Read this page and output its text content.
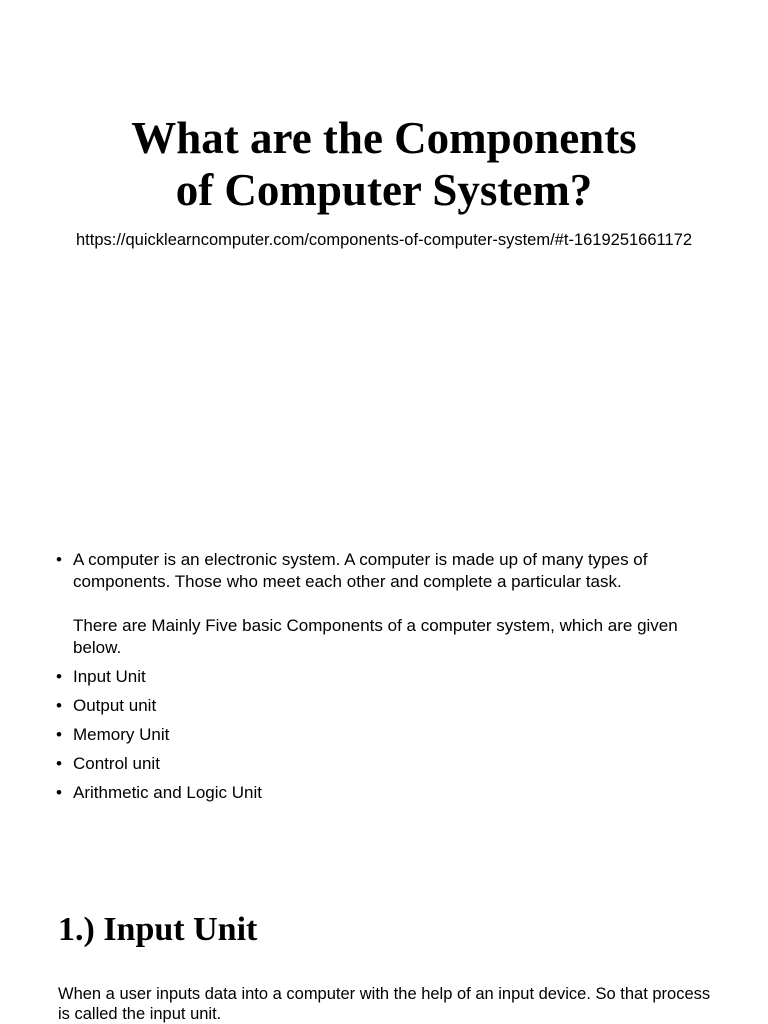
What are the Components
of Computer System?
https://quicklearncomputer.com/components-of-computer-system/#t-1619251661172
• A computer is an electronic system. A computer is made up of many types of components. Those who meet each other and complete a particular task.

There are Mainly Five basic Components of a computer system, which are given below.

• Input Unit
• Output unit
• Memory Unit
• Control unit
• Arithmetic and Logic Unit
1.) Input Unit

When a user inputs data into a computer with the help of an input device. So that process is called the input unit.
